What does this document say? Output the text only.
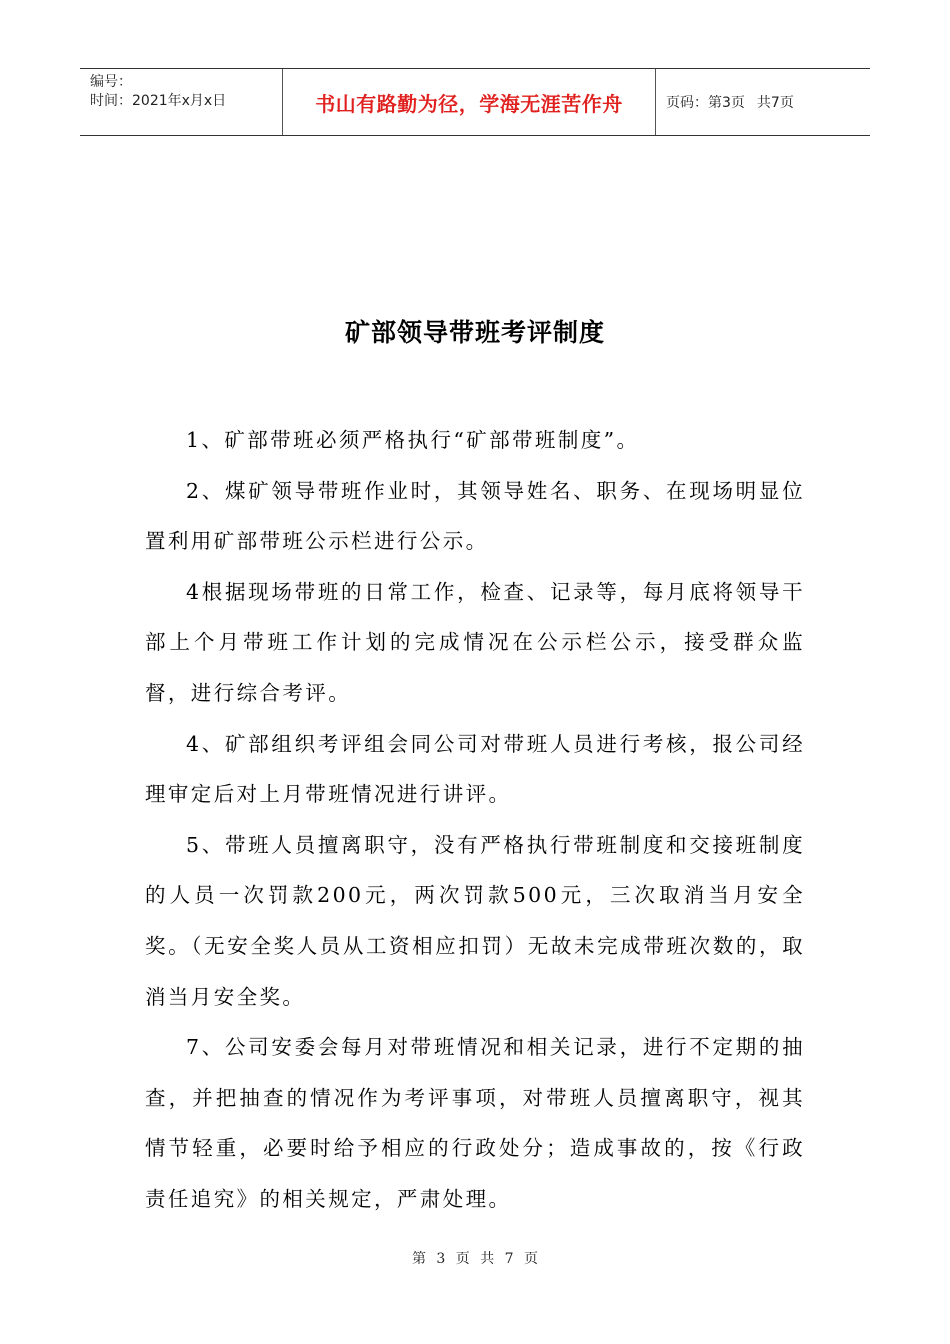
编号：
时间：2021年x月x日	书山有路勤为径，学海无涯苦作舟	页码：第3页 共7页
矿部领导带班考评制度

1、矿部带班必须严格执行“矿部带班制度”。

2、煤矿领导带班作业时，其领导姓名、职务、在现场明显位置利用矿部带班公示栏进行公示。

4根据现场带班的日常工作，检查、记录等，每月底将领导干部上个月带班工作计划的完成情况在公示栏公示，接受群众监督，进行综合考评。

4、矿部组织考评组会同公司对带班人员进行考核，报公司经理审定后对上月带班情况进行讲评。

5、带班人员擅离职守，没有严格执行带班制度和交接班制度的人员一次罚款200元，两次罚款500元，三次取消当月安全奖。（无安全奖人员从工资相应扣罚）无故未完成带班次数的，取消当月安全奖。

7、公司安委会每月对带班情况和相关记录，进行不定期的抽查，并把抽查的情况作为考评事项，对带班人员擅离职守，视其情节轻重，必要时给予相应的行政处分；造成事故的，按《行政责任追究》的相关规定，严肃处理。

第 3 页 共 7 页
